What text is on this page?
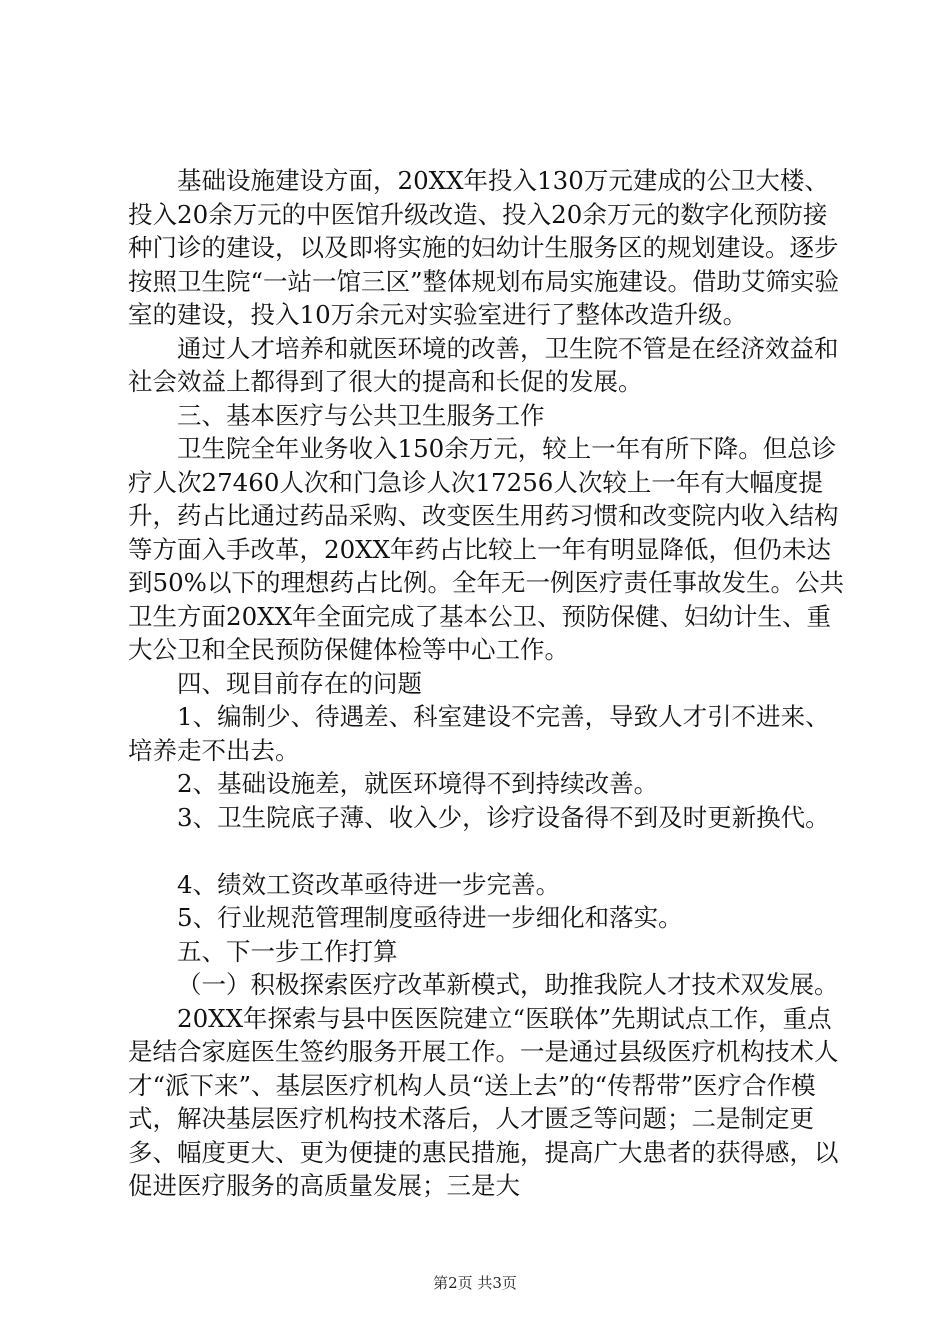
基础设施建设方面，20XX年投入130万元建成的公卫大楼、投入20余万元的中医馆升级改造、投入20余万元的数字化预防接种门诊的建设，以及即将实施的妇幼计生服务区的规划建设。逐步按照卫生院“一站一馆三区”整体规划布局实施建设。借助艾筛实验室的建设，投入10万余元对实验室进行了整体改造升级。

通过人才培养和就医环境的改善，卫生院不管是在经济效益和社会效益上都得到了很大的提高和长促的发展。

三、基本医疗与公共卫生服务工作

卫生院全年业务收入150余万元，较上一年有所下降。但总诊疗人次27460人次和门急诊人次17256人次较上一年有大幅度提升，药占比通过药品采购、改变医生用药习惯和改变院内收入结构等方面入手改革，20XX年药占比较上一年有明显降低，但仍未达到50%以下的理想药占比例。全年无一例医疗责任事故发生。公共卫生方面20XX年全面完成了基本公卫、预防保健、妇幼计生、重大公卫和全民预防保健体检等中心工作。

四、现目前存在的问题

1、编制少、待遇差、科室建设不完善，导致人才引不进来、培养走不出去。

2、基础设施差，就医环境得不到持续改善。

3、卫生院底子薄、收入少，诊疗设备得不到及时更新换代。

4、绩效工资改革亟待进一步完善。

5、行业规范管理制度亟待进一步细化和落实。

五、下一步工作打算

（一）积极探索医疗改革新模式，助推我院人才技术双发展。

20XX年探索与县中医医院建立“医联体”先期试点工作，重点是结合家庭医生签约服务开展工作。一是通过县级医疗机构技术人才“派下来”、基层医疗机构人员“送上去”的“传帮带”医疗合作模式，解决基层医疗机构技术落后，人才匮乏等问题；二是制定更多、幅度更大、更为便捷的惠民措施，提高广大患者的获得感，以促进医疗服务的高质量发展；三是大

第2页 共3页
